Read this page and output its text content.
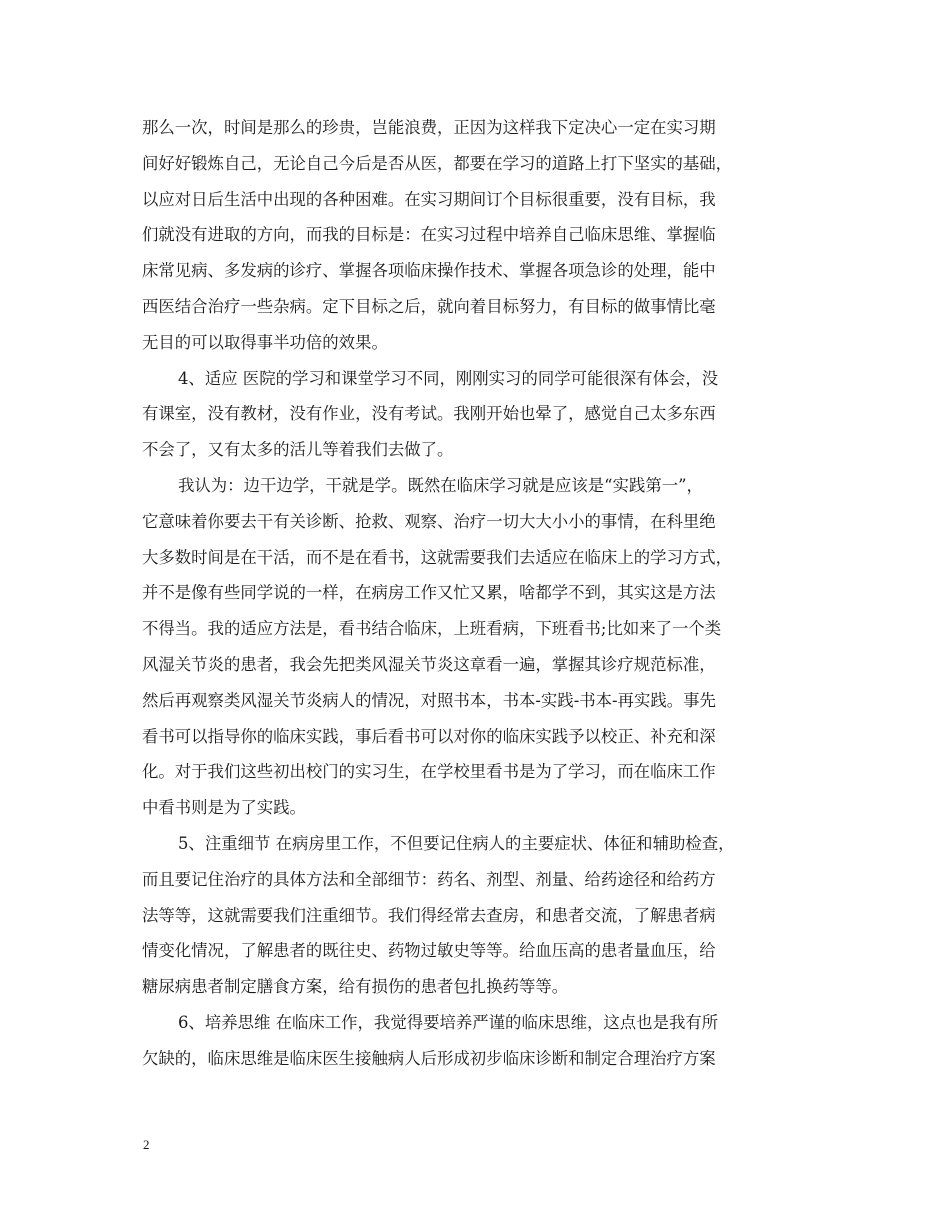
那么一次，时间是那么的珍贵，岂能浪费，正因为这样我下定决心一定在实习期
间好好锻炼自己，无论自己今后是否从医，都要在学习的道路上打下坚实的基础，
以应对日后生活中出现的各种困难。在实习期间订个目标很重要，没有目标，我
们就没有进取的方向，而我的目标是：在实习过程中培养自己临床思维、掌握临
床常见病、多发病的诊疗、掌握各项临床操作技术、掌握各项急诊的处理，能中
西医结合治疗一些杂病。定下目标之后，就向着目标努力，有目标的做事情比毫
无目的可以取得事半功倍的效果。
4、适应 医院的学习和课堂学习不同，刚刚实习的同学可能很深有体会，没
有课室，没有教材，没有作业，没有考试。我刚开始也晕了，感觉自己太多东西
不会了，又有太多的活儿等着我们去做了。
我认为：边干边学，干就是学。既然在临床学习就是应该是“实践第一”，
它意味着你要去干有关诊断、抢救、观察、治疗一切大大小小的事情，在科里绝
大多数时间是在干活，而不是在看书，这就需要我们去适应在临床上的学习方式，
并不是像有些同学说的一样，在病房工作又忙又累，啥都学不到，其实这是方法
不得当。我的适应方法是，看书结合临床，上班看病，下班看书;比如来了一个类
风湿关节炎的患者，我会先把类风湿关节炎这章看一遍，掌握其诊疗规范标准，
然后再观察类风湿关节炎病人的情况，对照书本，书本-实践-书本-再实践。事先
看书可以指导你的临床实践，事后看书可以对你的临床实践予以校正、补充和深
化。对于我们这些初出校门的实习生，在学校里看书是为了学习，而在临床工作
中看书则是为了实践。
5、注重细节 在病房里工作，不但要记住病人的主要症状、体征和辅助检查，
而且要记住治疗的具体方法和全部细节：药名、剂型、剂量、给药途径和给药方
法等等，这就需要我们注重细节。我们得经常去查房，和患者交流，了解患者病
情变化情况，了解患者的既往史、药物过敏史等等。给血压高的患者量血压，给
糖尿病患者制定膳食方案，给有损伤的患者包扎换药等等。
6、培养思维 在临床工作，我觉得要培养严谨的临床思维，这点也是我有所
欠缺的，临床思维是临床医生接触病人后形成初步临床诊断和制定合理治疗方案
2
